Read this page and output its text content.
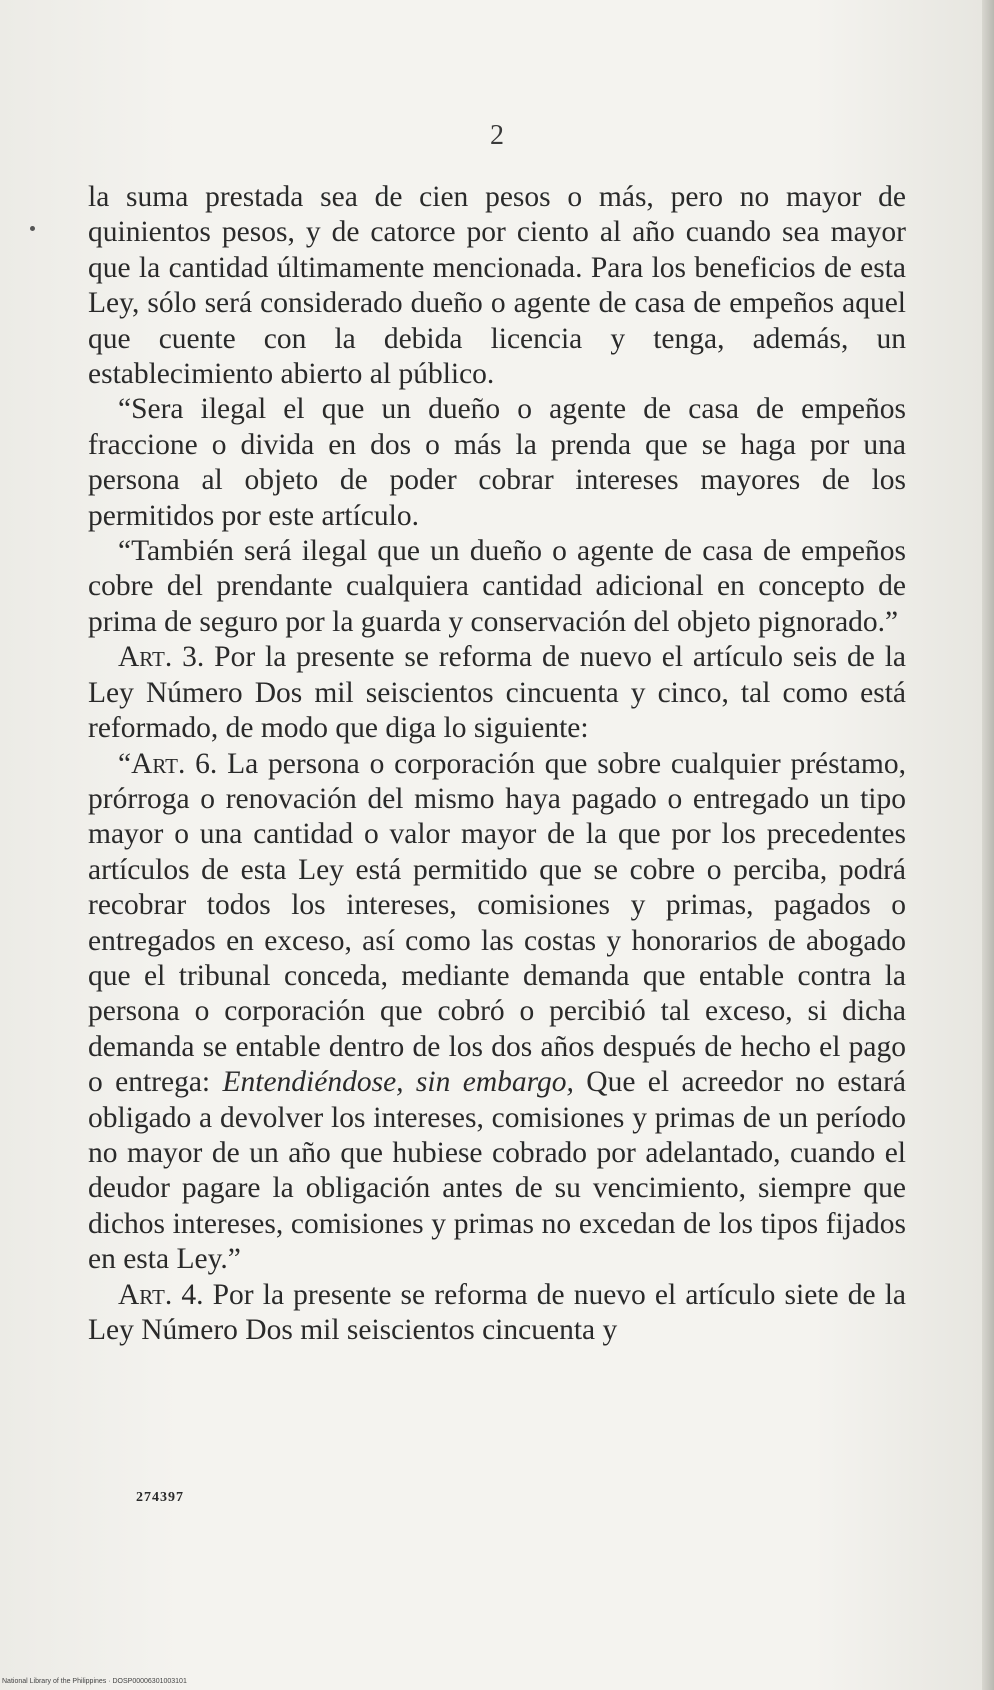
2

la suma prestada sea de cien pesos o más, pero no mayor de quinientos pesos, y de catorce por ciento al año cuando sea mayor que la cantidad últimamente mencionada. Para los beneficios de esta Ley, sólo será considerado dueño o agente de casa de empeños aquel que cuente con la debida licencia y tenga, además, un establecimiento abierto al público.

“Sera ilegal el que un dueño o agente de casa de empeños fraccione o divida en dos o más la prenda que se haga por una persona al objeto de poder cobrar intereses mayores de los permitidos por este artículo.

“También será ilegal que un dueño o agente de casa de empeños cobre del prendante cualquiera cantidad adicional en concepto de prima de seguro por la guarda y conservación del objeto pignorado.”

Art. 3. Por la presente se reforma de nuevo el artículo seis de la Ley Número Dos mil seiscientos cincuenta y cinco, tal como está reformado, de modo que diga lo siguiente:

“Art. 6. La persona o corporación que sobre cualquier préstamo, prórroga o renovación del mismo haya pagado o entregado un tipo mayor o una cantidad o valor mayor de la que por los precedentes artículos de esta Ley está permitido que se cobre o perciba, podrá recobrar todos los intereses, comisiones y primas, pagados o entregados en exceso, así como las costas y honorarios de abogado que el tribunal conceda, mediante demanda que entable contra la persona o corporación que cobró o percibió tal exceso, si dicha demanda se entable dentro de los dos años después de hecho el pago o entrega: Entendiéndose, sin embargo, Que el acreedor no estará obligado a devolver los intereses, comisiones y primas de un período no mayor de un año que hubiese cobrado por adelantado, cuando el deudor pagare la obligación antes de su vencimiento, siempre que dichos intereses, comisiones y primas no excedan de los tipos fijados en esta Ley.”

Art. 4. Por la presente se reforma de nuevo el artículo siete de la Ley Número Dos mil seiscientos cincuenta y

274397
National Library of the Philippines · DOSP00006301003101
